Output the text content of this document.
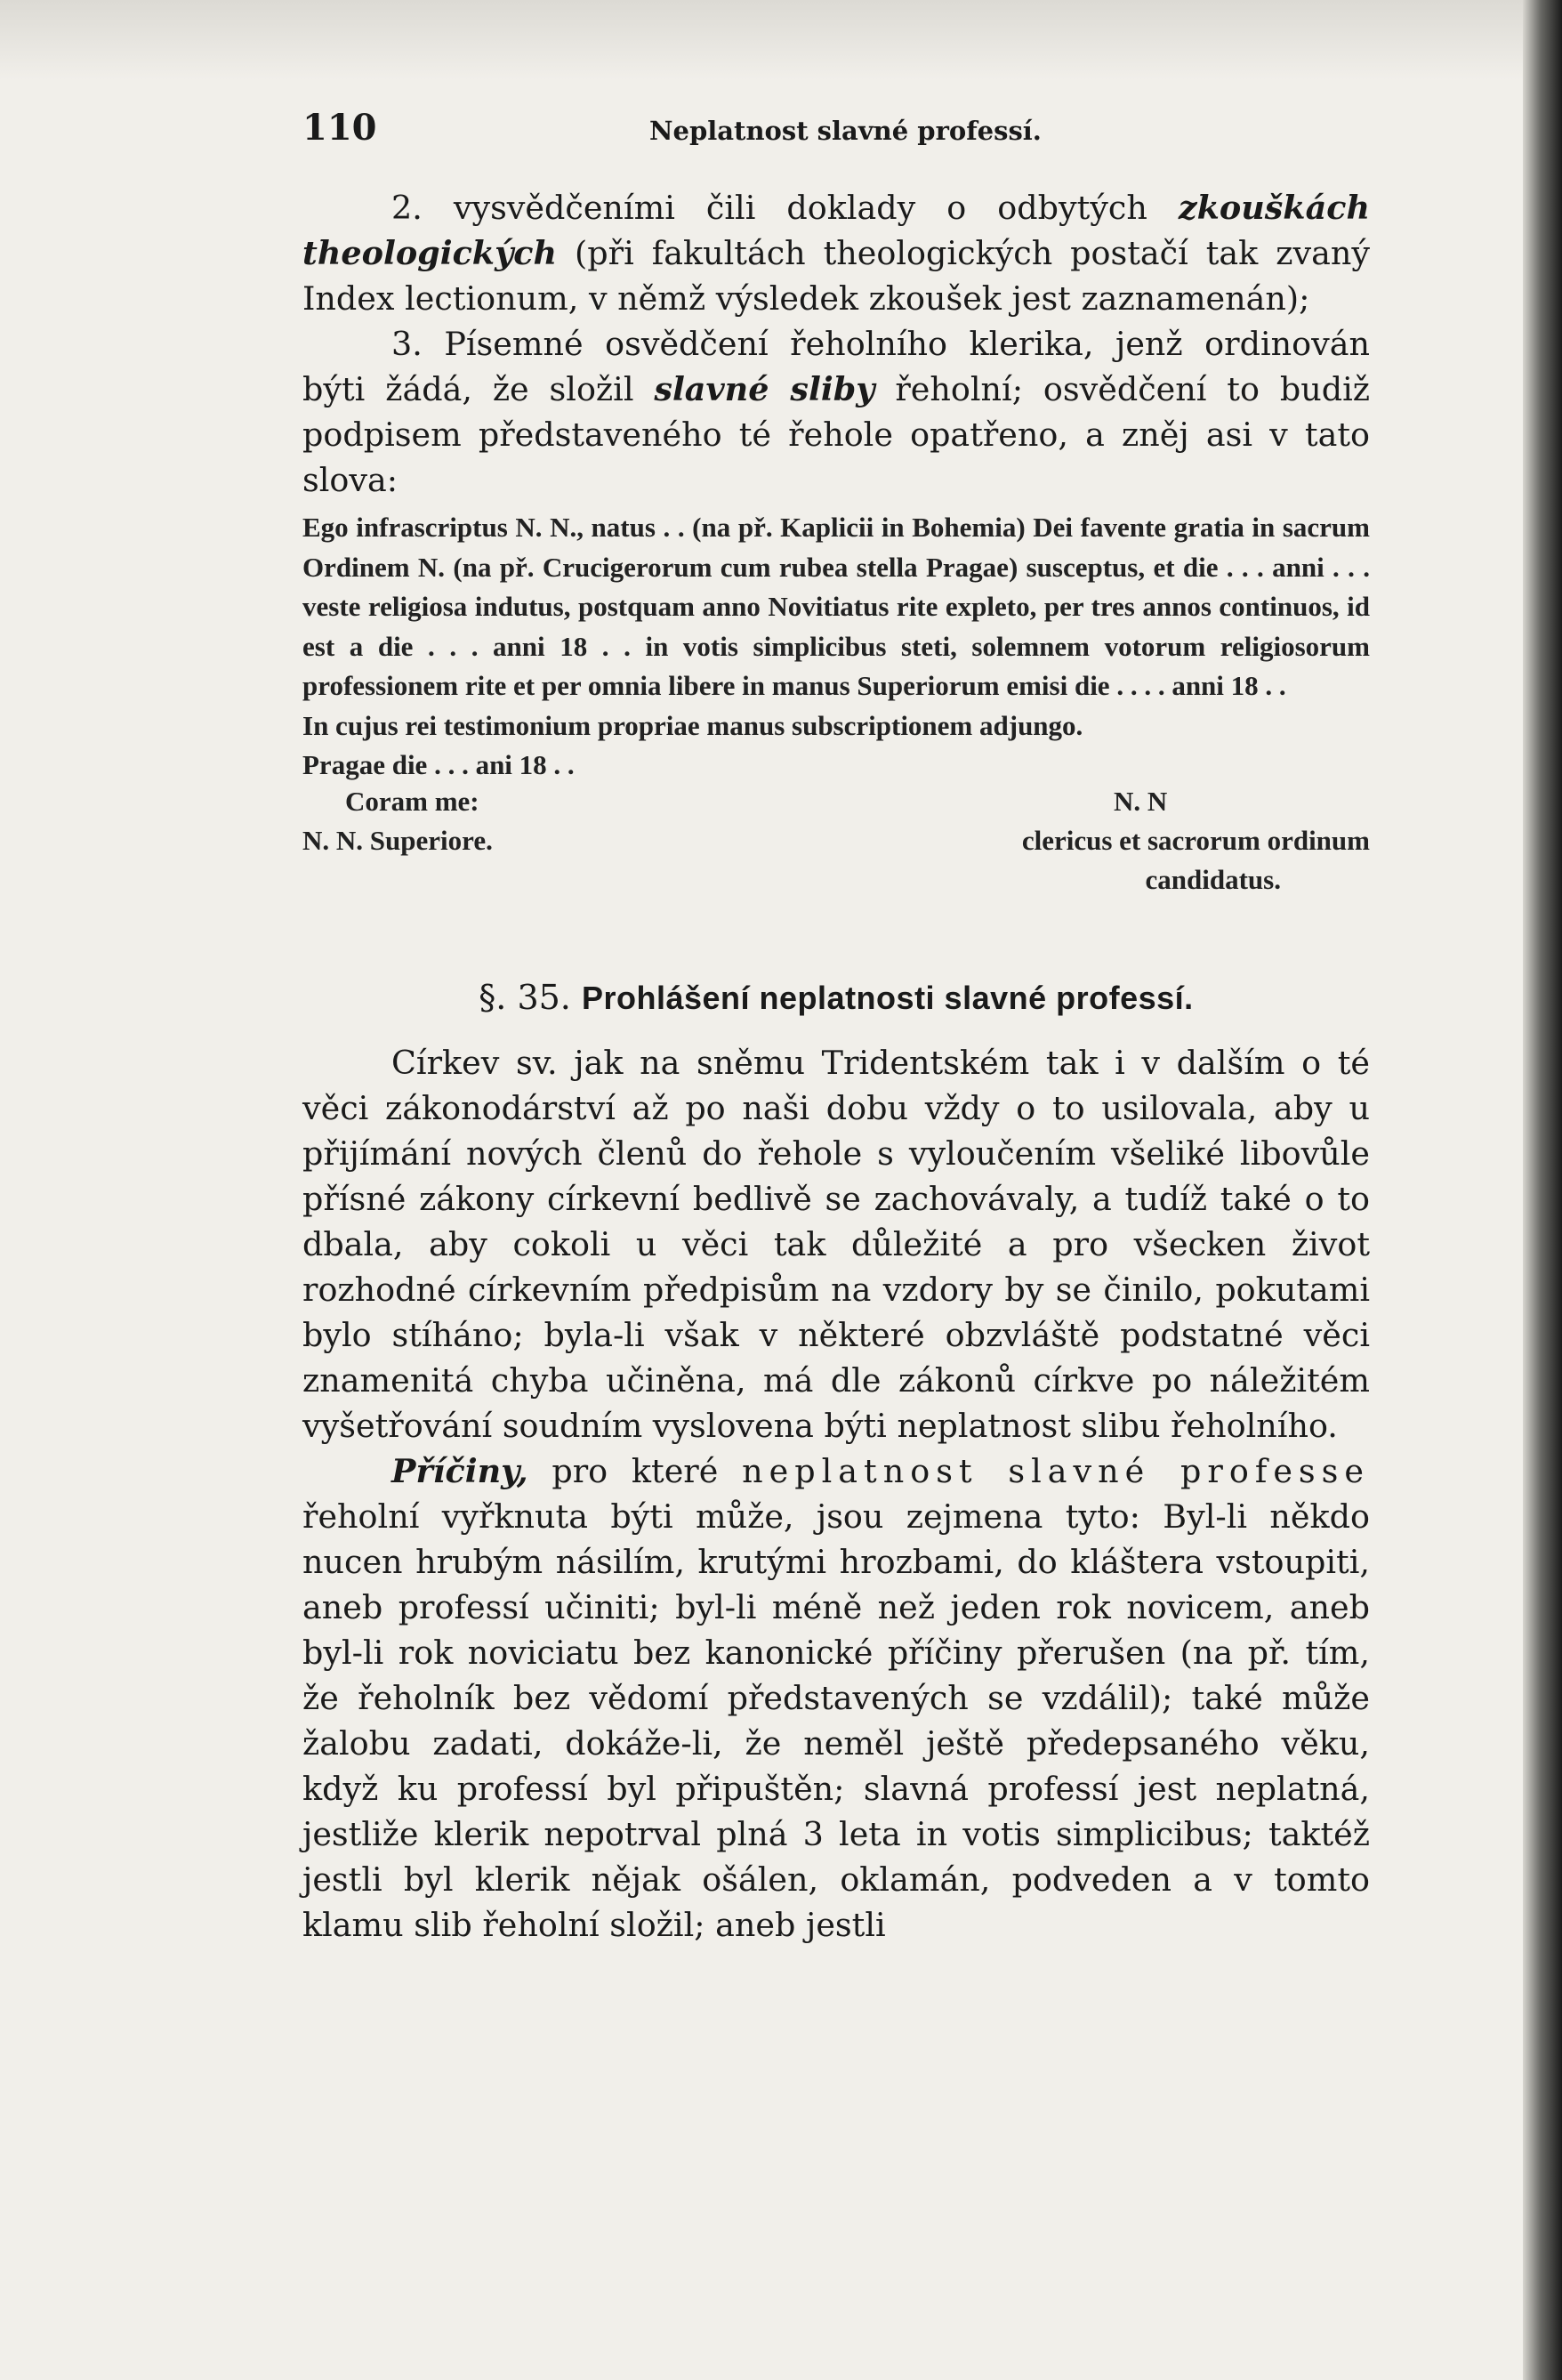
110	Neplatnost slavné professí.

2. vysvědčeními čili doklady o odbytých zkouškách theologických (při fakultách theologických postačí tak zvaný Index lectionum, v němž výsledek zkoušek jest zaznamenán);

3. Písemné osvědčení řeholního klerika, jenž ordinován býti žádá, že složil slavné sliby řeholní; osvědčení to budiž podpisem představeného té řehole opatřeno, a zněj asi v tato slova:

Ego infrascriptus N. N., natus . . (na př. Kaplicii in Bohemia) Dei favente gratia in sacrum Ordinem N. (na př. Crucigerorum cum rubea stella Pragae) susceptus, et die . . . anni . . . veste religiosa indutus, postquam anno Novitiatus rite expleto, per tres annos continuos, id est a die . . . anni 18 . . in votis simplicibus steti, solemnem votorum religiosorum professionem rite et per omnia libere in manus Superiorum emisi die . . . . anni 18 . .

In cujus rei testimonium propriae manus subscriptionem adjungo.

Pragae die . . . ani 18 . .

Coram me:	N. N
N. N. Superiore.	clericus et sacrorum ordinum
candidatus.
§. 35. Prohlášení neplatnosti slavné professí.

Církev sv. jak na sněmu Tridentském tak i v dalším o té věci zákonodárství až po naši dobu vždy o to usilovala, aby u přijímání nových členů do řehole s vyloučením všeliké libovůle přísné zákony církevní bedlivě se zachovávaly, a tudíž také o to dbala, aby cokoli u věci tak důležité a pro všecken život rozhodné církevním předpisům na vzdory by se činilo, pokutami bylo stíháno; byla-li však v některé obzvláště podstatné věci znamenitá chyba učiněna, má dle zákonů církve po náležitém vyšetřování soudním vyslovena býti neplatnost slibu řeholního.

Příčiny, pro které neplatnost slavné professe řeholní vyřknuta býti může, jsou zejmena tyto: Byl-li někdo nucen hrubým násilím, krutými hrozbami, do kláštera vstoupiti, aneb professí učiniti; byl-li méně než jeden rok novicem, aneb byl-li rok noviciatu bez kanonické příčiny přerušen (na př. tím, že řeholník bez vědomí představených se vzdálil); také může žalobu zadati, dokáže-li, že neměl ještě předepsaného věku, když ku professí byl připuštěn; slavná professí jest neplatná, jestliže klerik nepotrval plná 3 leta in votis simplicibus; taktéž jestli byl klerik nějak ošálen, oklamán, podveden a v tomto klamu slib řeholní složil; aneb jestli
